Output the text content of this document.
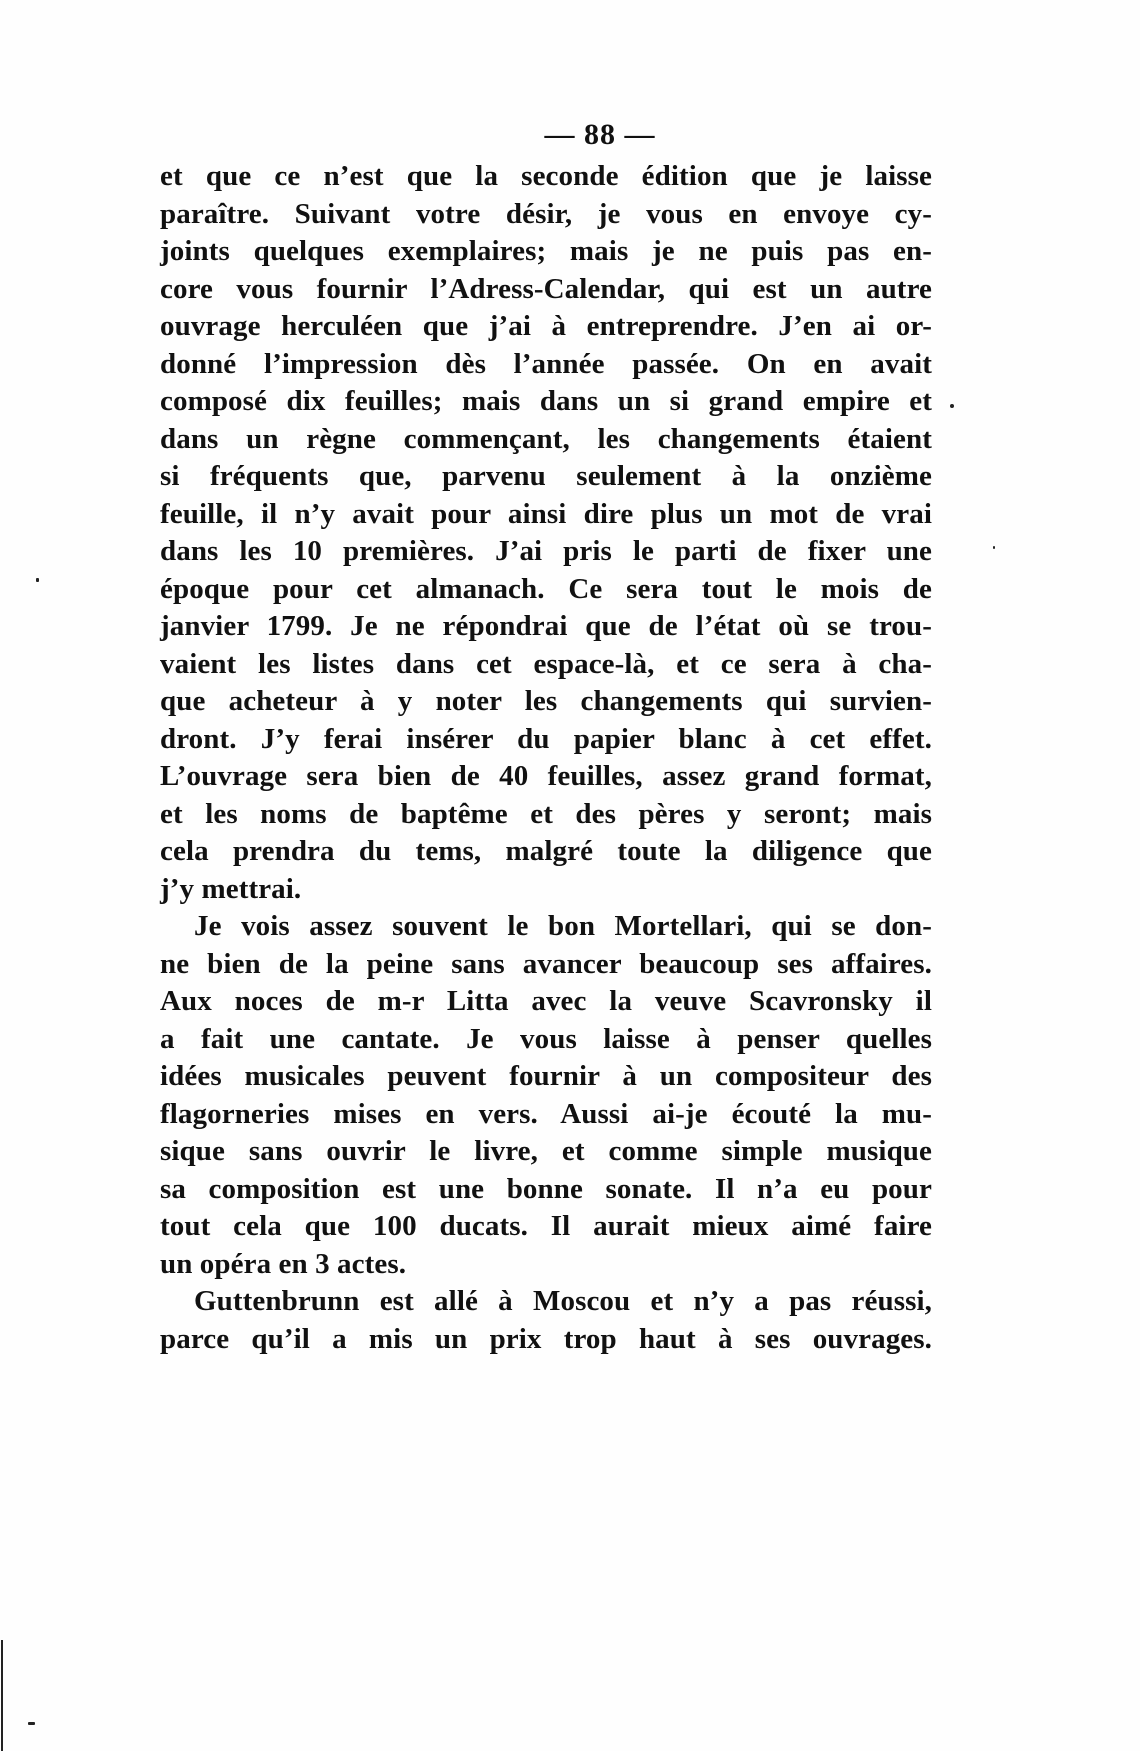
— 88 —
et que ce n’est que la seconde édition que je laisse
paraître. Suivant votre désir, je vous en envoye cy-
joints quelques exemplaires; mais je ne puis pas en-
core vous fournir l’Adress-Calendar, qui est un autre
ouvrage herculéen que j’ai à entreprendre. J’en ai or-
donné l’impression dès l’année passée. On en avait
composé dix feuilles; mais dans un si grand empire et
dans un règne commençant, les changements étaient
si fréquents que, parvenu seulement à la onzième
feuille, il n’y avait pour ainsi dire plus un mot de vrai
dans les 10 premières. J’ai pris le parti de fixer une
époque pour cet almanach. Ce sera tout le mois de
janvier 1799. Je ne répondrai que de l’état où se trou-
vaient les listes dans cet espace-là, et ce sera à cha-
que acheteur à y noter les changements qui survien-
dront. J’y ferai insérer du papier blanc à cet effet.
L’ouvrage sera bien de 40 feuilles, assez grand format,
et les noms de baptême et des pères y seront; mais
cela prendra du tems, malgré toute la diligence que
j’y mettrai.
Je vois assez souvent le bon Mortellari, qui se don-
ne bien de la peine sans avancer beaucoup ses affaires.
Aux noces de m-r Litta avec la veuve Scavronsky il
a fait une cantate. Je vous laisse à penser quelles
idées musicales peuvent fournir à un compositeur des
flagorneries mises en vers. Aussi ai-je écouté la mu-
sique sans ouvrir le livre, et comme simple musique
sa composition est une bonne sonate. Il n’a eu pour
tout cela que 100 ducats. Il aurait mieux aimé faire
un opéra en 3 actes.
Guttenbrunn est allé à Moscou et n’y a pas réussi,
parce qu’il a mis un prix trop haut à ses ouvrages.
